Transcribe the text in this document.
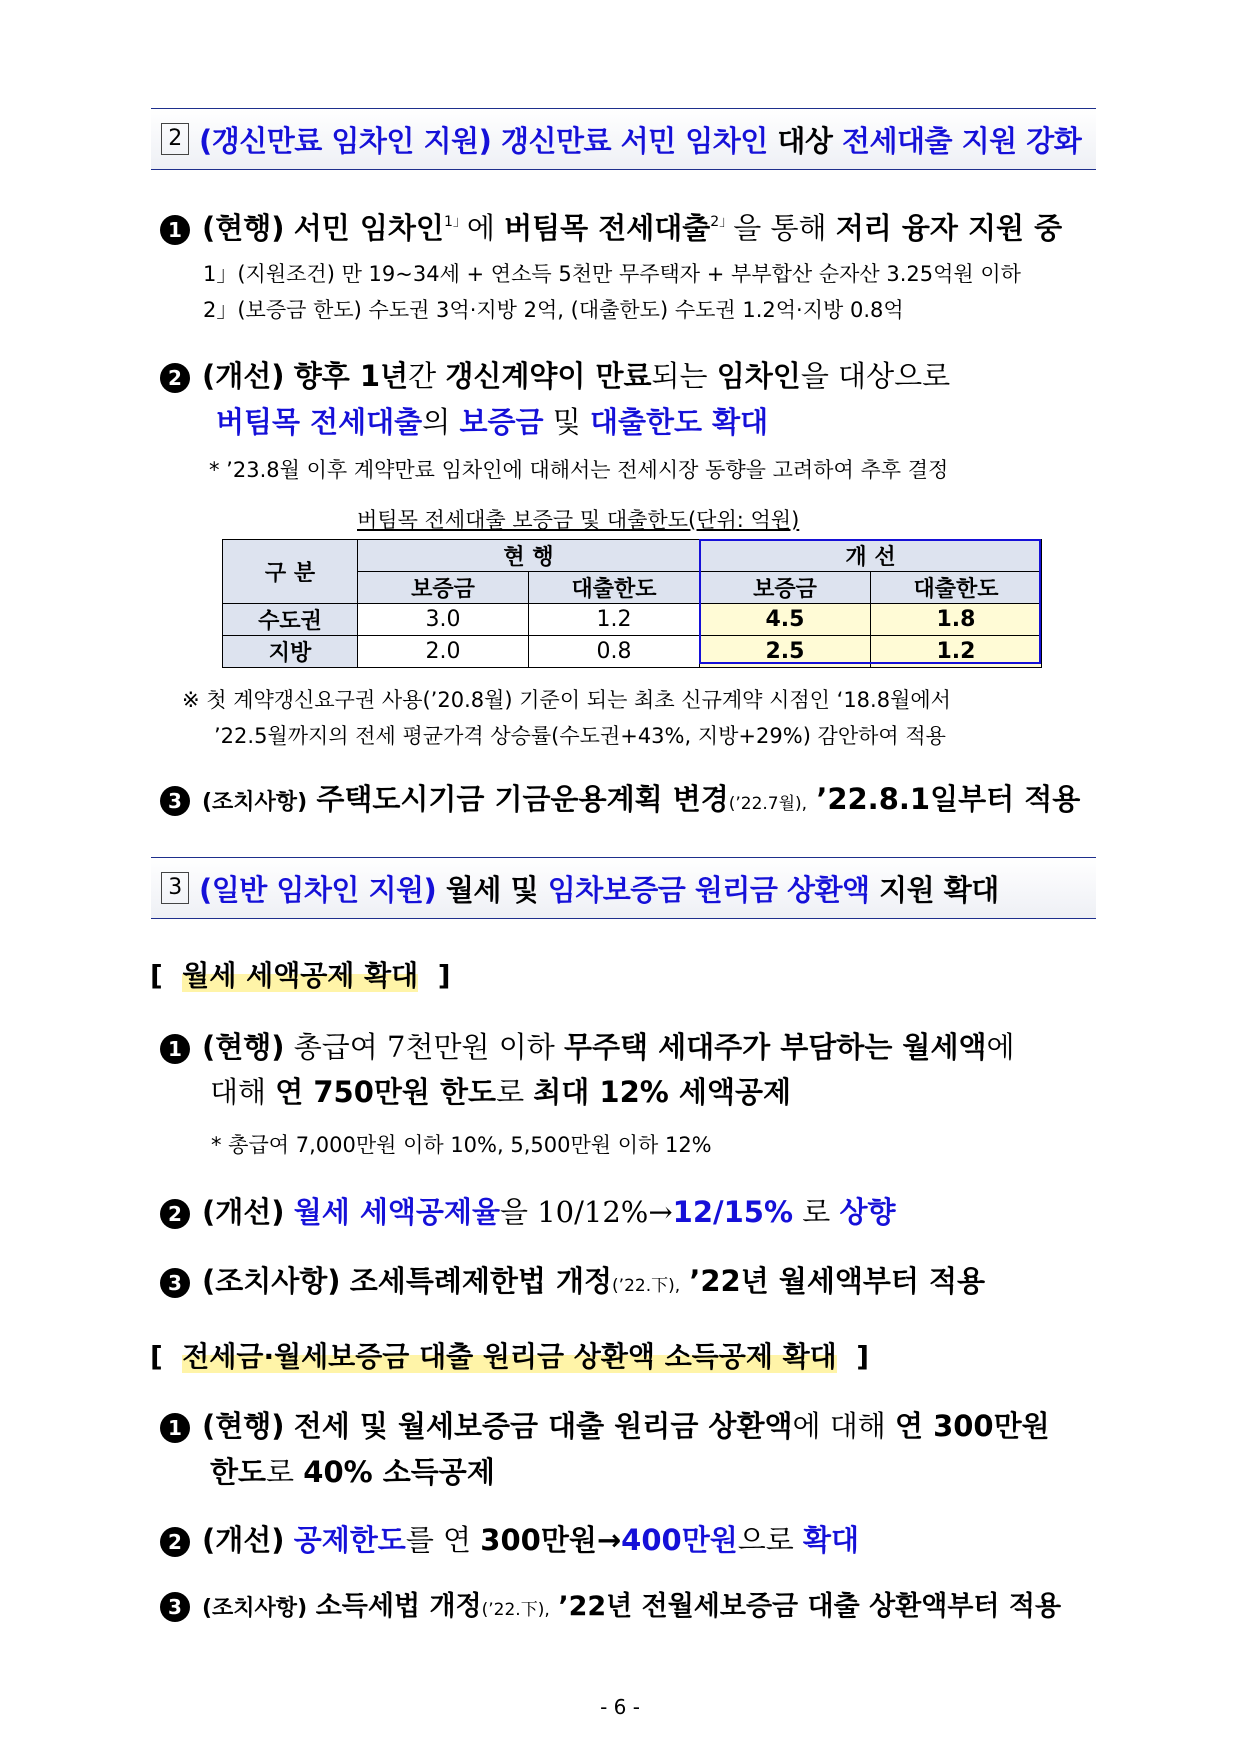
2 (갱신만료 임차인 지원)
갱신만료 서민 임차인
대상
전세대출 지원 강화
1 (현행) 서민 임차인$^{1」}$에 버팀목 전세대출$^{2」}$을 통해 저리 융자 지원 중
1」(지원조건) 만 19~34세 + 연소득 5천만 무주택자 + 부부합산 순자산 3.25억원 이하
2」(보증금 한도) 수도권 3억·지방 2억, (대출한도) 수도권 1.2억·지방 0.8억
2 (개선) 향후 1년간 갱신계약이 만료되는 임차인을 대상으로
버팀목 전세대출의 보증금 및 대출한도 확대
* ’23.8월 이후 계약만료 임차인에 대해서는 전세시장 동향을 고려하여 추후 결정
버팀목 전세대출 보증금 및 대출한도(단위: 억원)
구 분	현 행		개 선	
	보증금	대출한도	보증금	대출한도
수도권	3.0	1.2	4.5	1.8
지방	2.0	0.8	2.5	1.2
※ 첫 계약갱신요구권 사용(’20.8월) 기준이 되는 최초 신규계약 시점인 ‘18.8월에서
’22.5월까지의 전세 평균가격 상승률(수도권+43%, 지방+29%) 감안하여 적용
3 (조치사항) 주택도시기금 기금운용계획 변경(’22.7월), ’22.8.1일부터 적용
3 (일반 임차인 지원)
월세
및
임차보증금 원리금 상환액
지원 확대
[ 월세 세액공제 확대 ]
1 (현행) 총급여 7천만원 이하 무주택 세대주가 부담하는 월세액에
대해 연 750만원 한도로 최대 12% 세액공제
* 총급여 7,000만원 이하 10%, 5,500만원 이하 12%
2 (개선) 월세 세액공제율을 10/12%→12/15% 로 상향
3 (조치사항) 조세특례제한법 개정(’22.下), ’22년 월세액부터 적용
[ 전세금·월세보증금 대출 원리금 상환액 소득공제 확대 ]
1 (현행) 전세 및 월세보증금 대출 원리금 상환액에 대해 연 300만원
한도로 40% 소득공제
2 (개선) 공제한도를 연 300만원→400만원으로 확대
3 (조치사항) 소득세법 개정(’22.下), ’22년 전월세보증금 대출 상환액부터 적용
- 6 -
